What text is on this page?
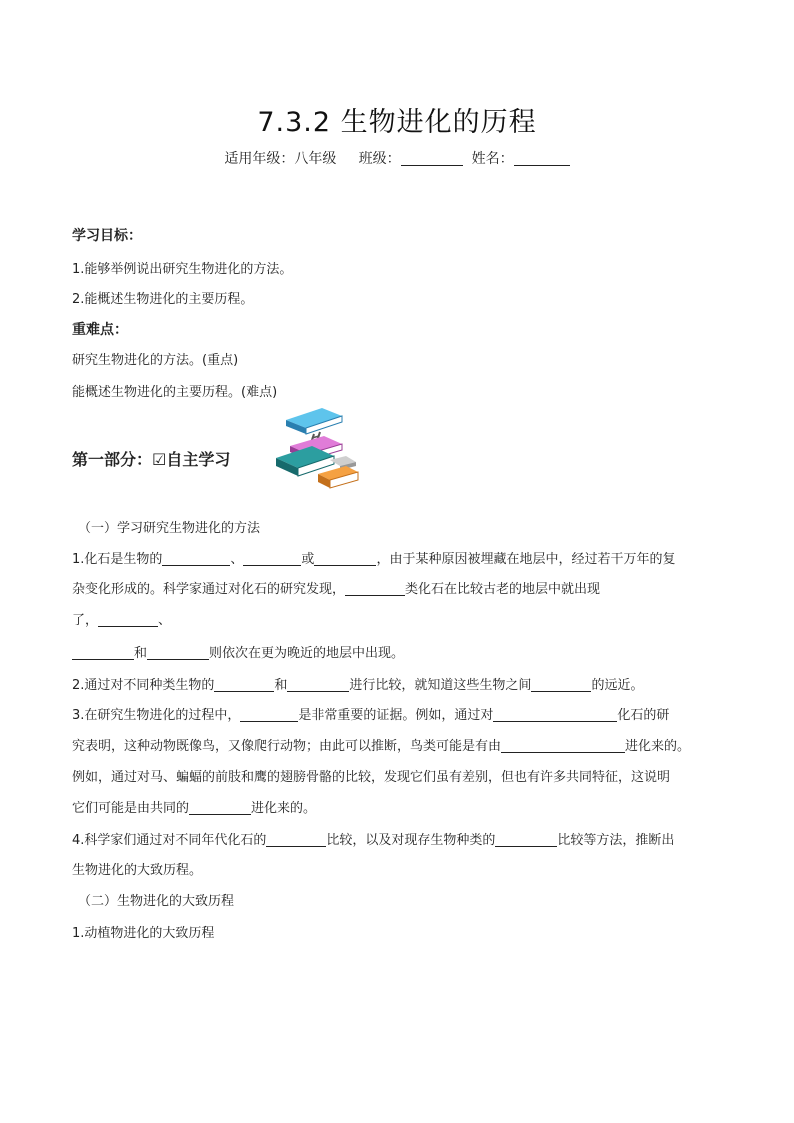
7.3.2 生物进化的历程
适用年级：八年级 班级：	姓名：
学习目标：
1.能够举例说出研究生物进化的方法。
2.能概述生物进化的主要历程。
重难点：
研究生物进化的方法。(重点)
能概述生物进化的主要历程。(难点)
第一部分：☑自主学习
（一）学习研究生物进化的方法
1.化石是生物的	、	或	，由于某种原因被埋藏在地层中，经过若干万年的复
杂变化形成的。科学家通过对化石的研究发现，	类化石在比较古老的地层中就出现
了，	、
和	则依次在更为晚近的地层中出现。
2.通过对不同种类生物的	和	进行比较，就知道这些生物之间	的远近。
3.在研究生物进化的过程中，	是非常重要的证据。例如，通过对	化石的研
究表明，这种动物既像鸟，又像爬行动物；由此可以推断，鸟类可能是有由	进化来的。
例如，通过对马、蝙蝠的前肢和鹰的翅膀骨骼的比较，发现它们虽有差别，但也有许多共同特征，这说明
它们可能是由共同的	进化来的。
4.科学家们通过对不同年代化石的	比较，以及对现存生物种类的	比较等方法，推断出
生物进化的大致历程。
（二）生物进化的大致历程
1.动植物进化的大致历程
